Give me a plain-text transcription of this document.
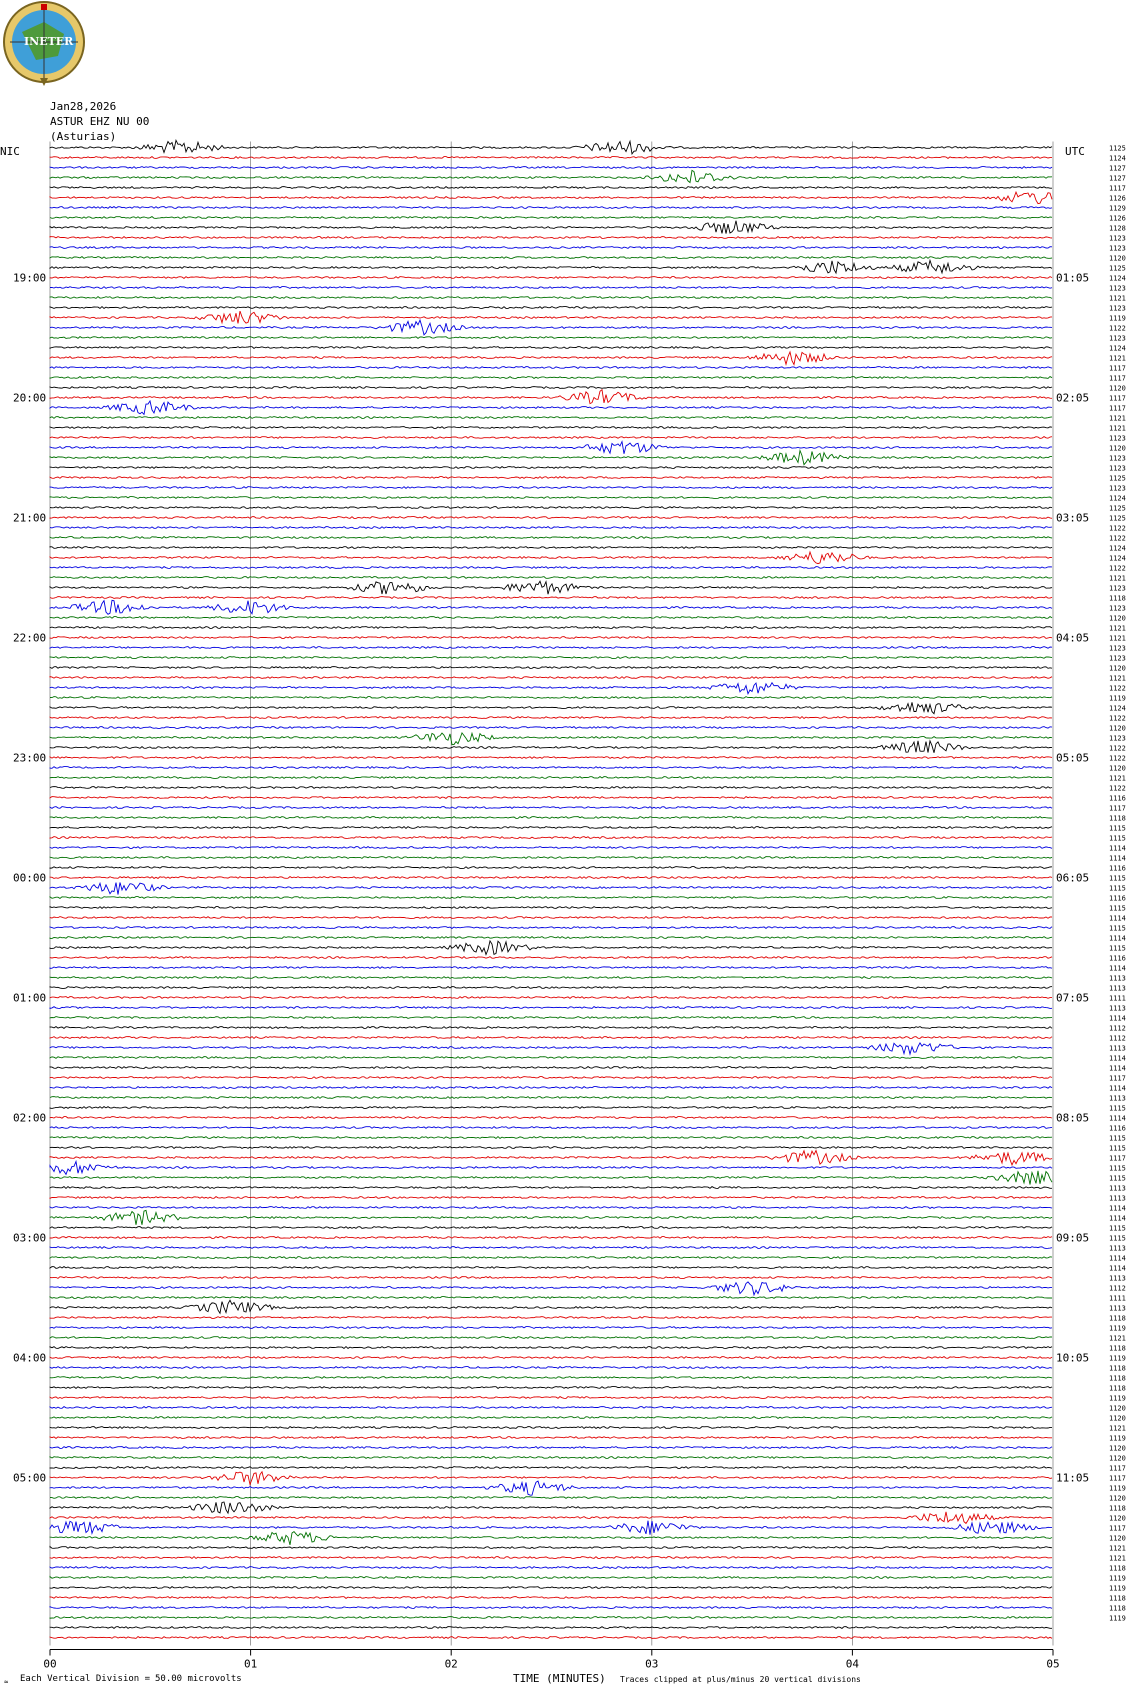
INETER
Jan28,2026
ASTUR EHZ NU 00
(Asturias)
NIC	UTC	1125
1124
1127
1127
1117
1126
1129
1126
1128
1123
1123
1120
1125
1124
1123
1121
1123
1119
1122
1123
1124
1121
1117
1117
1120
1117
1117
1121
1121
1123
1120
1123
1123
1125
1123
1124
1125
1125
1122
1122
1124
1124
1122
1121
1123
1118
1123
1120
1121
1121
1123
1123
1120
1121
1122
1119
1124
1122
1120
1123
1122
1122
1120
1121
1122
1116
1117
1118
1115
1115
1114
1114
1116
1115
1115
1116
1115
1114
1115
1114
1115
1116
1114
1113
1113
1111
1113
1114
1112
1112
1113
1114
1114
1117
1114
1113
1115
1114
1116
1115
1115
1117
1115
1115
1113
1113
1114
1114
1115
1115
1113
1114
1114
1113
1112
1111
1113
1118
1119
1121
1118
1119
1118
1118
1118
1119
1120
1120
1121
1119
1120
1120
1117
1117
1119
1120
1118
1120
1117
1120
1121
1121
1118
1119
1119
1118
1118
1119
19:00
20:00
21:00
22:00
23:00
00:00
01:00
02:00
03:00
04:00
05:00
01:05
02:05
03:05
04:05
05:05
06:05
07:05
08:05
09:05
10:05
11:05
00	01	02	03	04	05
≈ Each Vertical Division = 50.00 microvolts	TIME (MINUTES) Traces clipped at plus/minus 20 vertical divisions
